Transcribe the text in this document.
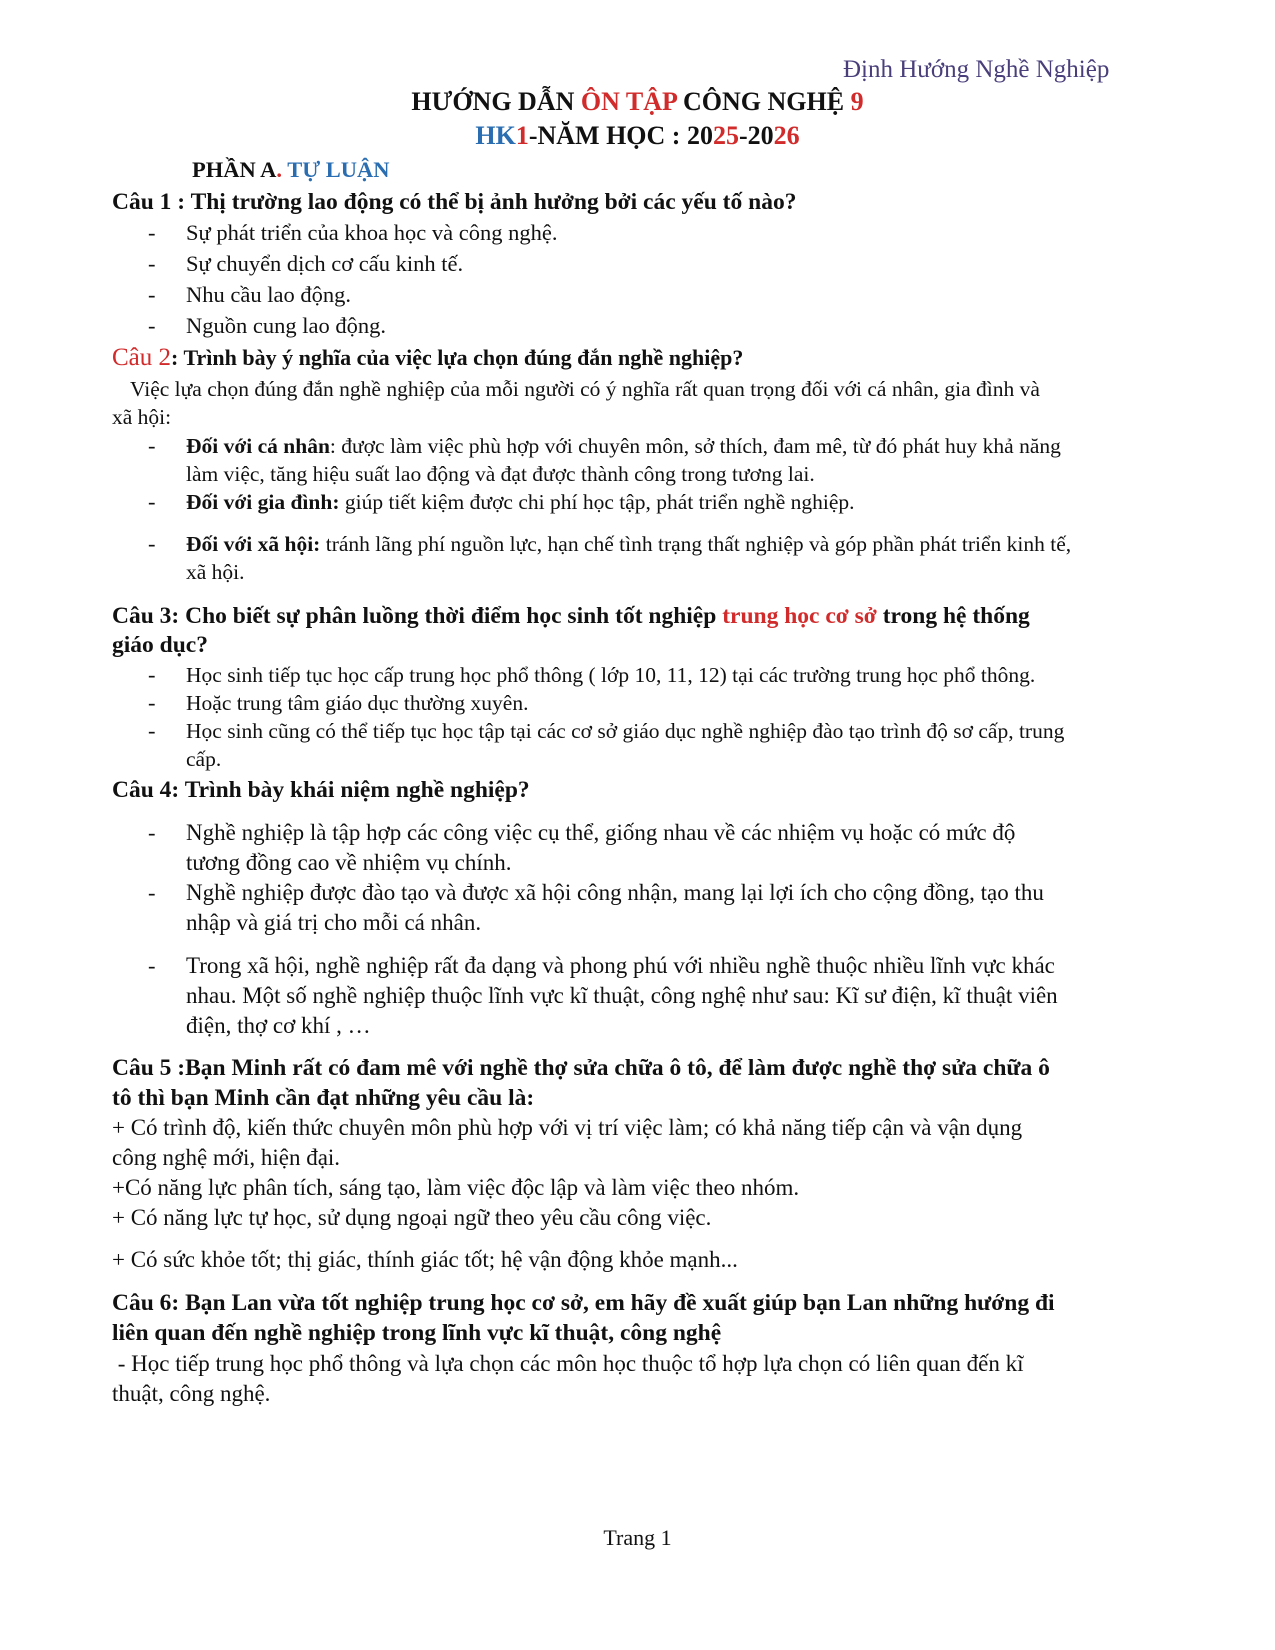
Định Hướng Nghề Nghiệp
HƯỚNG DẪN ÔN TẬP CÔNG NGHỆ 9
HK1-NĂM HỌC : 2025-2026
PHẦN A. TỰ LUẬN
Câu 1 : Thị trường lao động có thể bị ảnh hưởng bởi các yếu tố nào?
- Sự phát triển của khoa học và công nghệ.
- Sự chuyển dịch cơ cấu kinh tế.
- Nhu cầu lao động.
- Nguồn cung lao động.
Câu 2: Trình bày ý nghĩa của việc lựa chọn đúng đắn nghề nghiệp?
Việc lựa chọn đúng đắn nghề nghiệp của mỗi người có ý nghĩa rất quan trọng đối với cá nhân, gia đình và
xã hội:
- Đối với cá nhân: được làm việc phù hợp với chuyên môn, sở thích, đam mê, từ đó phát huy khả năng
làm việc, tăng hiệu suất lao động và đạt được thành công trong tương lai.
- Đối với gia đình: giúp tiết kiệm được chi phí học tập, phát triển nghề nghiệp.
- Đối với xã hội: tránh lãng phí nguồn lực, hạn chế tình trạng thất nghiệp và góp phần phát triển kinh tế,
xã hội.
Câu 3: Cho biết sự phân luồng thời điểm học sinh tốt nghiệp trung học cơ sở trong hệ thống
giáo dục?
- Học sinh tiếp tục học cấp trung học phổ thông ( lớp 10, 11, 12) tại các trường trung học phổ thông.
- Hoặc trung tâm giáo dục thường xuyên.
- Học sinh cũng có thể tiếp tục học tập tại các cơ sở giáo dục nghề nghiệp đào tạo trình độ sơ cấp, trung
cấp.
Câu 4: Trình bày khái niệm nghề nghiệp?
- Nghề nghiệp là tập hợp các công việc cụ thể, giống nhau về các nhiệm vụ hoặc có mức độ
tương đồng cao về nhiệm vụ chính.
- Nghề nghiệp được đào tạo và được xã hội công nhận, mang lại lợi ích cho cộng đồng, tạo thu
nhập và giá trị cho mỗi cá nhân.
- Trong xã hội, nghề nghiệp rất đa dạng và phong phú với nhiều nghề thuộc nhiều lĩnh vực khác
nhau. Một số nghề nghiệp thuộc lĩnh vực kĩ thuật, công nghệ như sau: Kĩ sư điện, kĩ thuật viên
điện, thợ cơ khí , …
Câu 5 :Bạn Minh rất có đam mê với nghề thợ sửa chữa ô tô, để làm được nghề thợ sửa chữa ô
tô thì bạn Minh cần đạt những yêu cầu là:
+ Có trình độ, kiến thức chuyên môn phù hợp với vị trí việc làm; có khả năng tiếp cận và vận dụng
công nghệ mới, hiện đại.
+Có năng lực phân tích, sáng tạo, làm việc độc lập và làm việc theo nhóm.
+ Có năng lực tự học, sử dụng ngoại ngữ theo yêu cầu công việc.
+ Có sức khỏe tốt; thị giác, thính giác tốt; hệ vận động khỏe mạnh...
Câu 6: Bạn Lan vừa tốt nghiệp trung học cơ sở, em hãy đề xuất giúp bạn Lan những hướng đi
liên quan đến nghề nghiệp trong lĩnh vực kĩ thuật, công nghệ
- Học tiếp trung học phổ thông và lựa chọn các môn học thuộc tổ hợp lựa chọn có liên quan đến kĩ
thuật, công nghệ.
Trang 1
